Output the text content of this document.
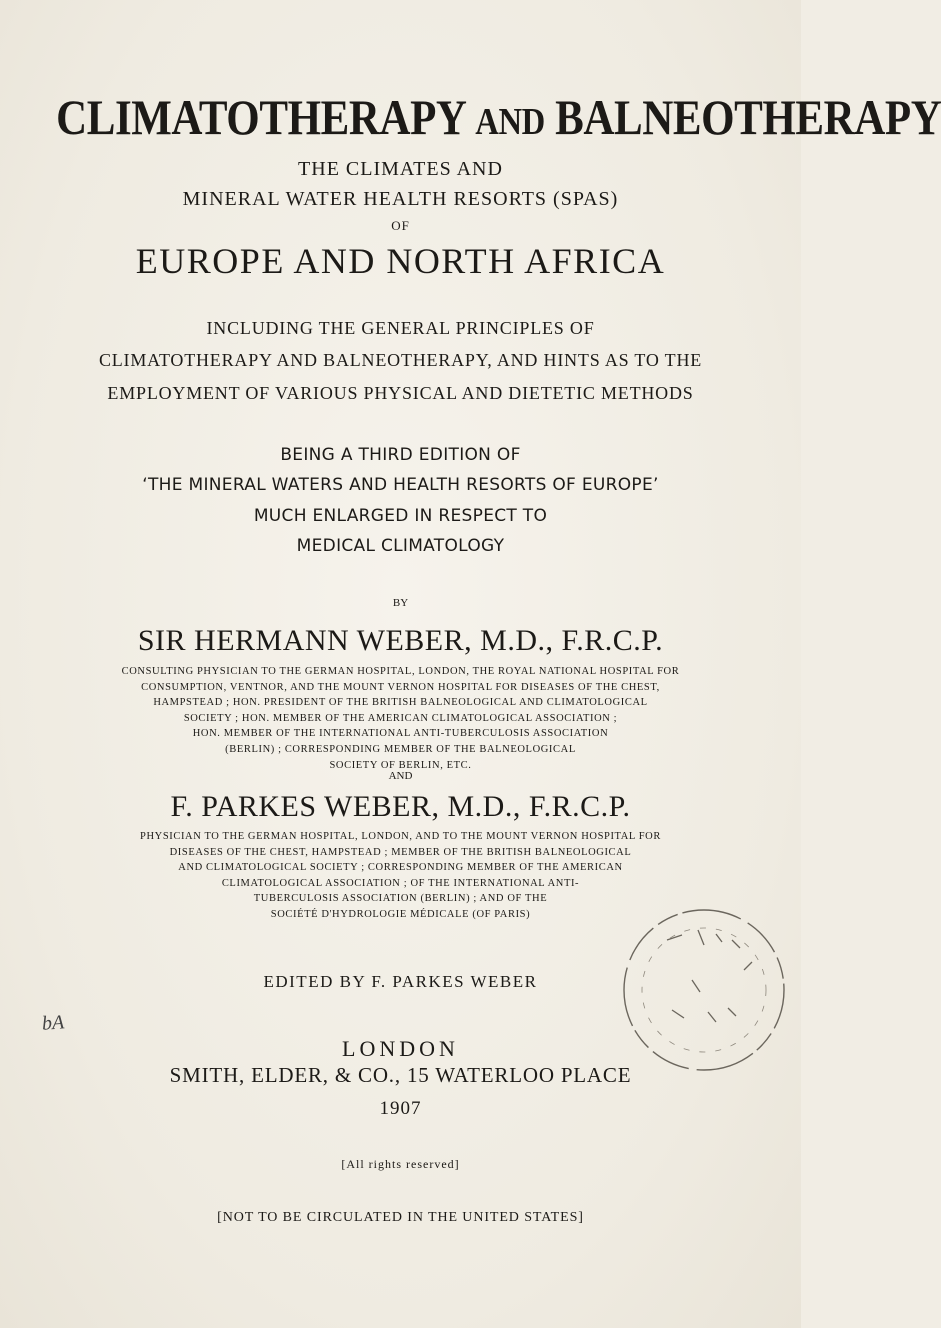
CLIMATOTHERAPY AND BALNEOTHERAPY
THE CLIMATES AND
MINERAL WATER HEALTH RESORTS (SPAS)
OF
EUROPE AND NORTH AFRICA
INCLUDING THE GENERAL PRINCIPLES OF
CLIMATOTHERAPY AND BALNEOTHERAPY, AND HINTS AS TO THE
EMPLOYMENT OF VARIOUS PHYSICAL AND DIETETIC METHODS
BEING A THIRD EDITION OF
‘THE MINERAL WATERS AND HEALTH RESORTS OF EUROPE’
MUCH ENLARGED IN RESPECT TO
MEDICAL CLIMATOLOGY
BY
SIR HERMANN WEBER, M.D., F.R.C.P.
CONSULTING PHYSICIAN TO THE GERMAN HOSPITAL, LONDON, THE ROYAL NATIONAL HOSPITAL FOR
CONSUMPTION, VENTNOR, AND THE MOUNT VERNON HOSPITAL FOR DISEASES OF THE CHEST,
HAMPSTEAD ; HON. PRESIDENT OF THE BRITISH BALNEOLOGICAL AND CLIMATOLOGICAL
SOCIETY ; HON. MEMBER OF THE AMERICAN CLIMATOLOGICAL ASSOCIATION ;
HON. MEMBER OF THE INTERNATIONAL ANTI-TUBERCULOSIS ASSOCIATION
(BERLIN) ; CORRESPONDING MEMBER OF THE BALNEOLOGICAL
SOCIETY OF BERLIN, ETC.
AND
F. PARKES WEBER, M.D., F.R.C.P.
PHYSICIAN TO THE GERMAN HOSPITAL, LONDON, AND TO THE MOUNT VERNON HOSPITAL FOR
DISEASES OF THE CHEST, HAMPSTEAD ; MEMBER OF THE BRITISH BALNEOLOGICAL
AND CLIMATOLOGICAL SOCIETY ; CORRESPONDING MEMBER OF THE AMERICAN
CLIMATOLOGICAL ASSOCIATION ; OF THE INTERNATIONAL ANTI-
TUBERCULOSIS ASSOCIATION (BERLIN) ; AND OF THE
SOCIÉTÉ D'HYDROLOGIE MÉDICALE (OF PARIS)
bA
EDITED BY F. PARKES WEBER
LONDON
SMITH, ELDER, & CO., 15 WATERLOO PLACE
1907
[All rights reserved]
[NOT TO BE CIRCULATED IN THE UNITED STATES]
